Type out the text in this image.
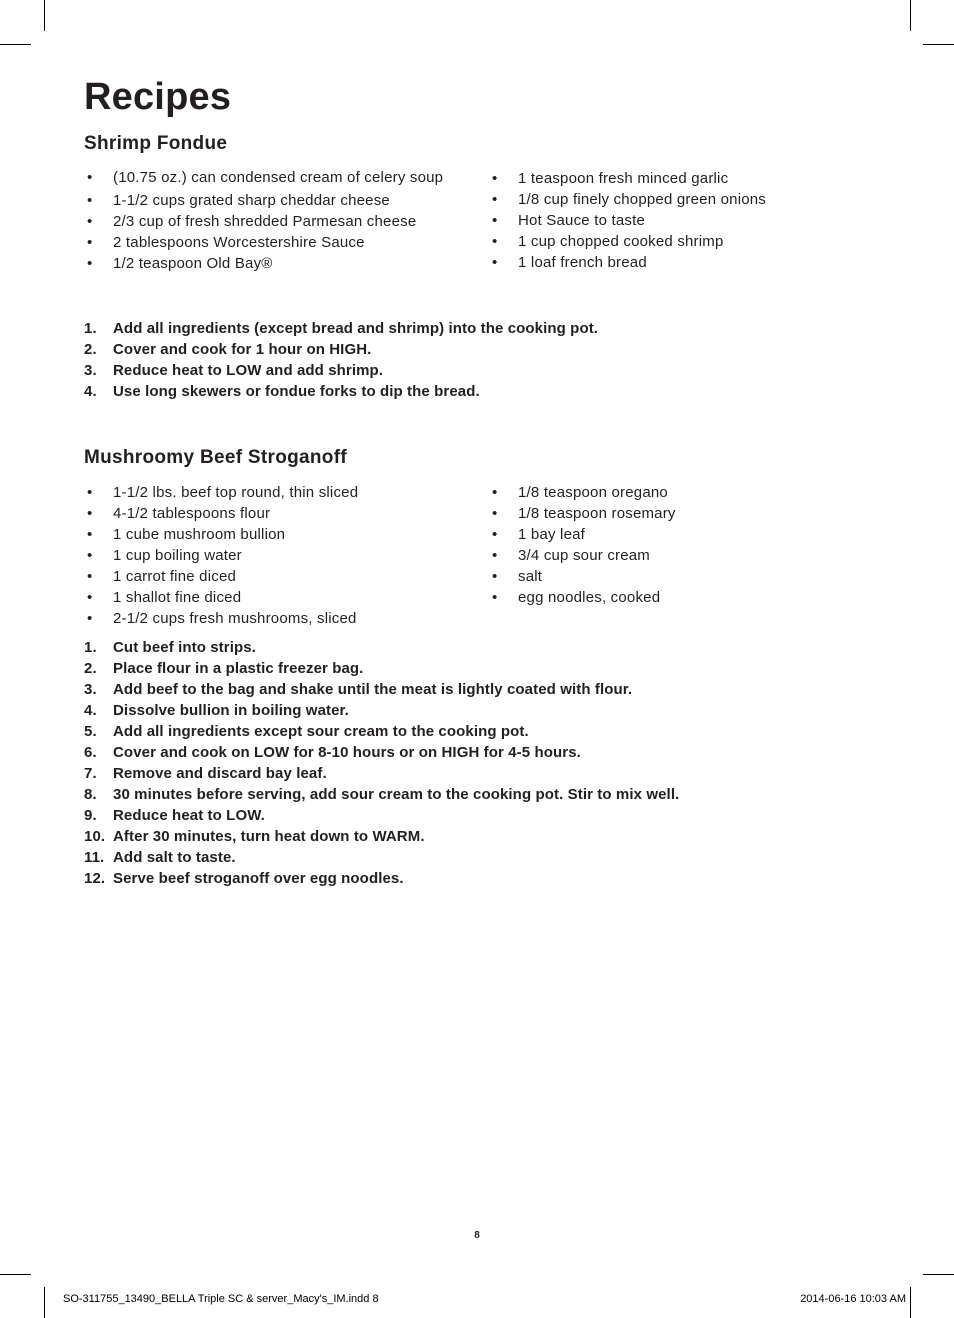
Recipes
Shrimp Fondue
• (10.75 oz.) can condensed cream of celery soup
• 1-1/2 cups grated sharp cheddar cheese
• 2/3 cup of fresh shredded Parmesan cheese
• 2 tablespoons Worcestershire Sauce
• 1/2 teaspoon Old Bay®
• 1 teaspoon fresh minced garlic
• 1/8 cup finely chopped green onions
• Hot Sauce to taste
• 1 cup chopped cooked shrimp
• 1 loaf french bread
1. Add all ingredients (except bread and shrimp) into the cooking pot.
2. Cover and cook for 1 hour on HIGH.
3. Reduce heat to LOW and add shrimp.
4. Use long skewers or fondue forks to dip the bread.
Mushroomy Beef Stroganoff
• 1-1/2 lbs. beef top round, thin sliced
• 4-1/2 tablespoons flour
• 1 cube mushroom bullion
• 1 cup boiling water
• 1 carrot fine diced
• 1 shallot fine diced
• 2-1/2 cups fresh mushrooms, sliced
• 1/8 teaspoon oregano
• 1/8 teaspoon rosemary
• 1 bay leaf
• 3/4 cup sour cream
• salt
• egg noodles, cooked
1. Cut beef into strips.
2. Place flour in a plastic freezer bag.
3. Add beef to the bag and shake until the meat is lightly coated with flour.
4. Dissolve bullion in boiling water.
5. Add all ingredients except sour cream to the cooking pot.
6. Cover and cook on LOW for 8-10 hours or on HIGH for 4-5 hours.
7. Remove and discard bay leaf.
8. 30 minutes before serving, add sour cream to the cooking pot. Stir to mix well.
9. Reduce heat to LOW.
10. After 30 minutes, turn heat down to WARM.
11. Add salt to taste.
12. Serve beef stroganoff over egg noodles.
8
SO-311755_13490_BELLA Triple SC & server_Macy's_IM.indd 8	2014-06-16 10:03 AM
